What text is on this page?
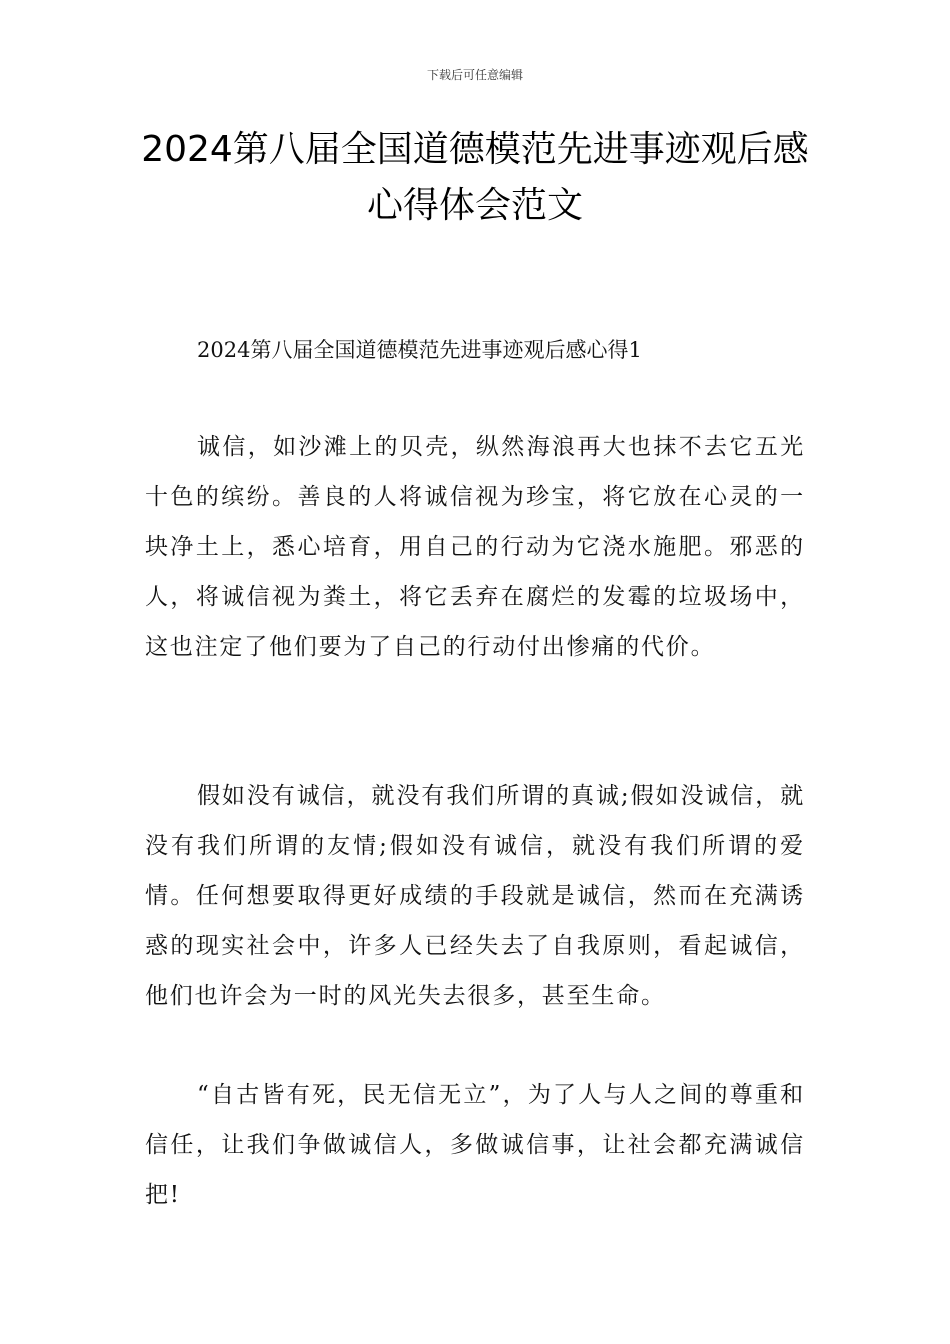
下载后可任意编辑
2024第八届全国道德模范先进事迹观后感心得体会范文

2024第八届全国道德模范先进事迹观后感心得1

诚信，如沙滩上的贝壳，纵然海浪再大也抹不去它五光十色的缤纷。善良的人将诚信视为珍宝，将它放在心灵的一块净土上，悉心培育，用自己的行动为它浇水施肥。邪恶的人，将诚信视为粪土，将它丢弃在腐烂的发霉的垃圾场中，这也注定了他们要为了自己的行动付出惨痛的代价。

假如没有诚信，就没有我们所谓的真诚;假如没诚信，就没有我们所谓的友情;假如没有诚信，就没有我们所谓的爱情。任何想要取得更好成绩的手段就是诚信，然而在充满诱惑的现实社会中，许多人已经失去了自我原则，看起诚信，他们也许会为一时的风光失去很多，甚至生命。

“自古皆有死，民无信无立”，为了人与人之间的尊重和信任，让我们争做诚信人，多做诚信事，让社会都充满诚信把!
